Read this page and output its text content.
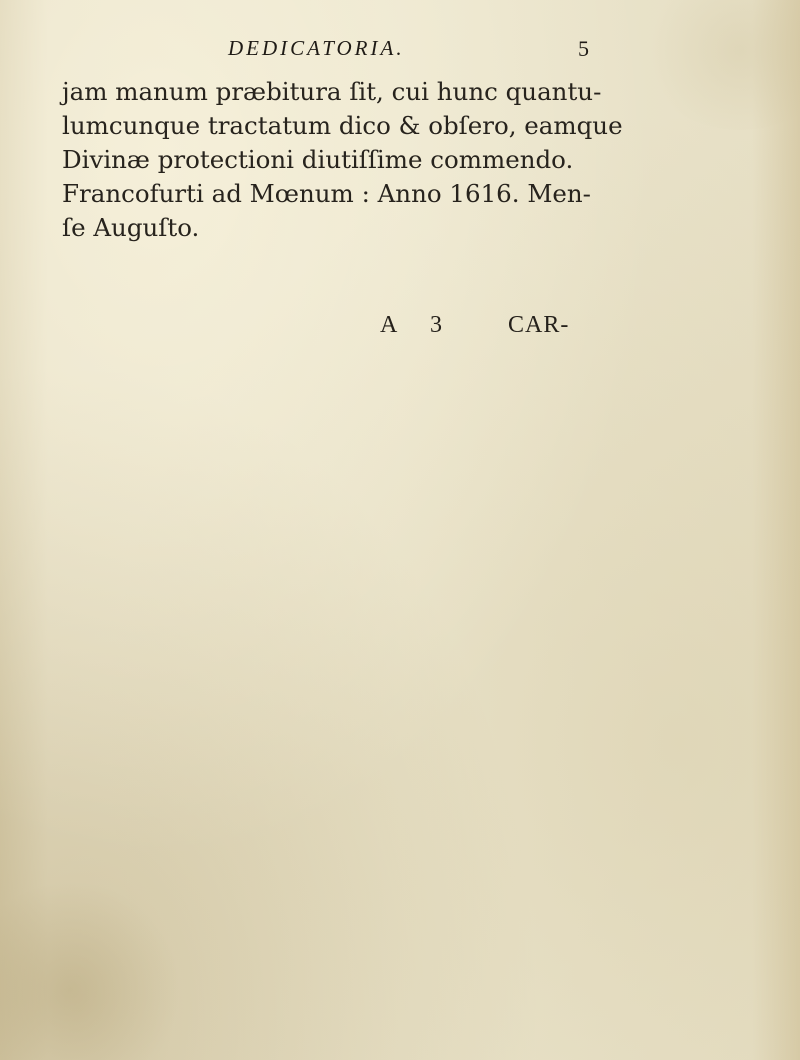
DEDICATORIA.	5
jam manum præbitura ſit, cui hunc quantu-
lumcunque tractatum dico & obſero, eamque
Divinæ protectioni diutiſſime commendo.
Francofurti ad Mœnum : Anno 1616. Men-
ſe Auguſto.
A 3 CAR-
